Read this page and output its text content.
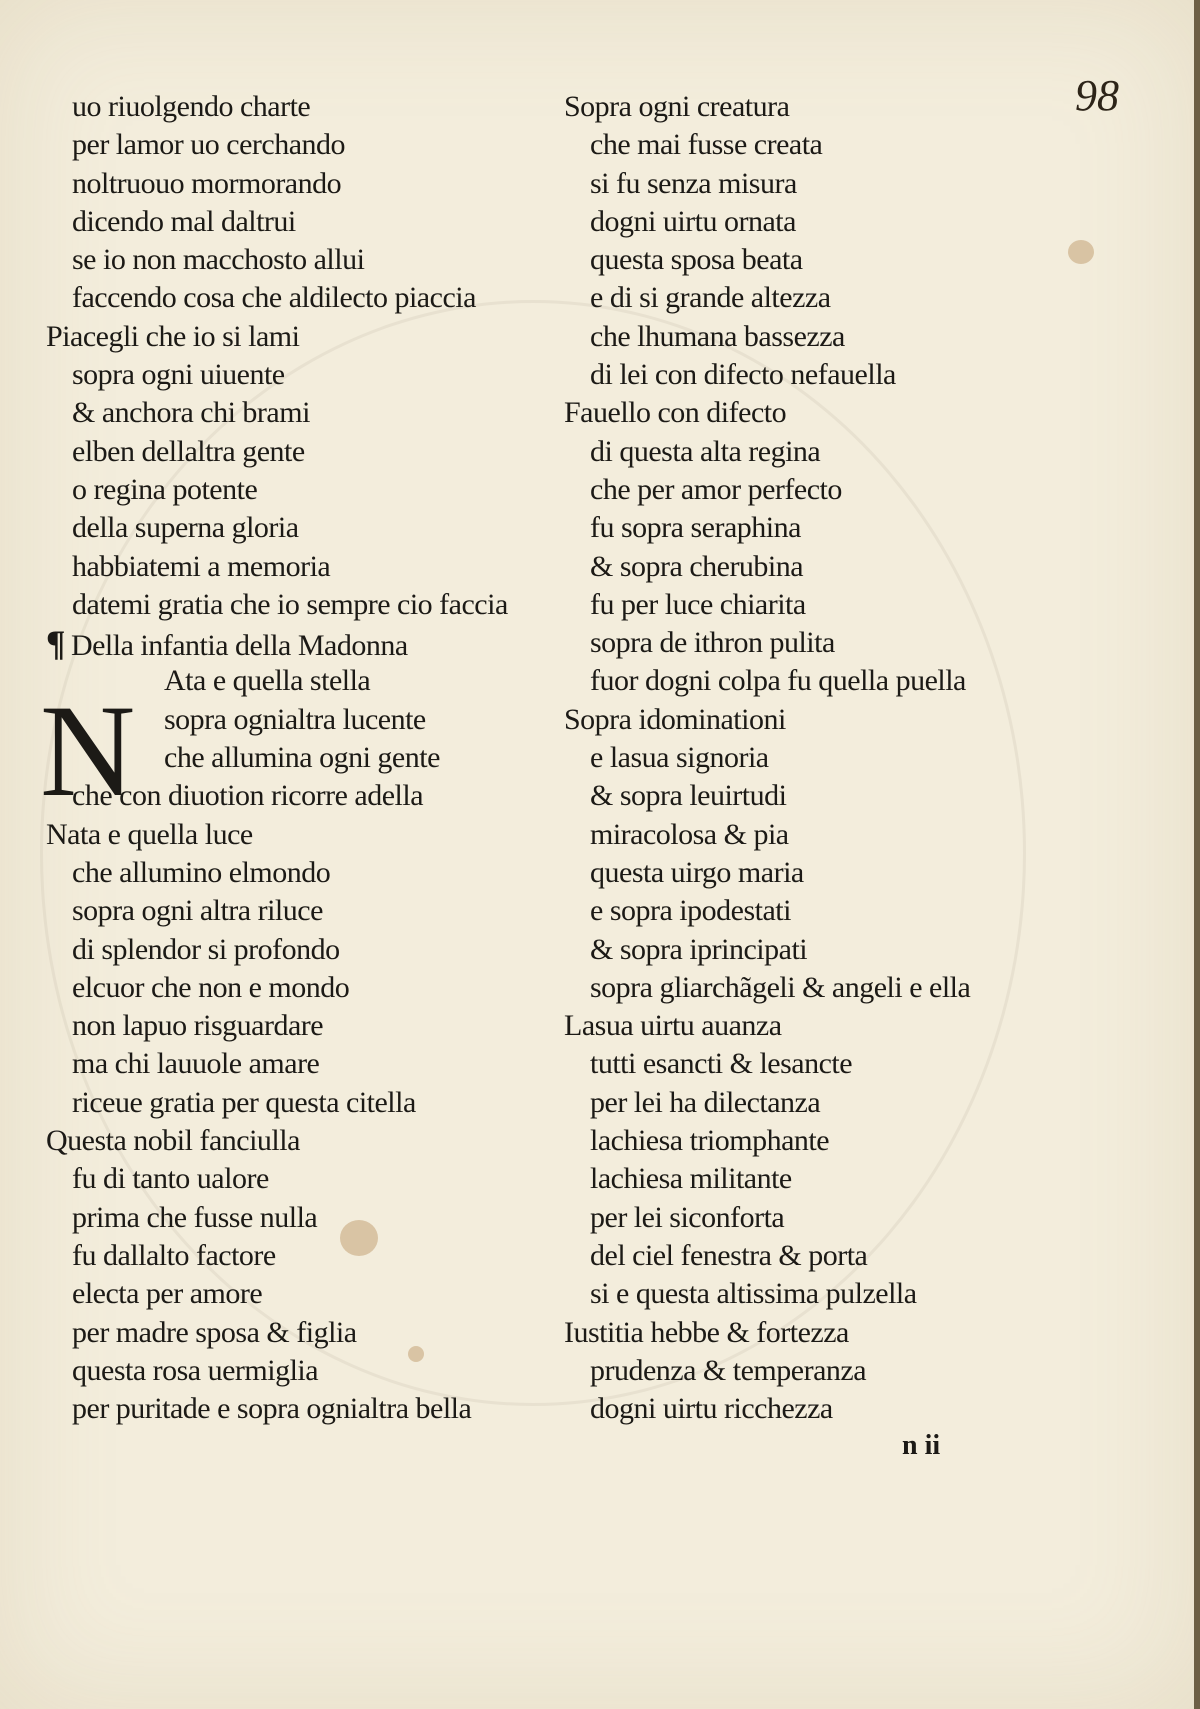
98
N
uo riuolgendo charte
per lamor uo cerchando
noltruouo mormorando
dicendo mal daltrui
se io non macchosto allui
faccendo cosa che aldilecto piaccia
Piacegli che io si lami
sopra ogni uiuente
& anchora chi brami
elben dellaltra gente
o regina potente
della superna gloria
habbiatemi a memoria
datemi gratia che io sempre cio faccia
¶ Della infantia della Madonna
Ata e quella stella
sopra ognialtra lucente
che allumina ogni gente
che con diuotion ricorre adella
Nata e quella luce
che allumino elmondo
sopra ogni altra riluce
di splendor si profondo
elcuor che non e mondo
non lapuo risguardare
ma chi lauuole amare
riceue gratia per questa citella
Questa nobil fanciulla
fu di tanto ualore
prima che fusse nulla
fu dallalto factore
electa per amore
per madre sposa & figlia
questa rosa uermiglia
per puritade e sopra ognialtra bella
Sopra ogni creatura
che mai fusse creata
si fu senza misura
dogni uirtu ornata
questa sposa beata
e di si grande altezza
che lhumana bassezza
di lei con difecto nefauella
Fauello con difecto
di questa alta regina
che per amor perfecto
fu sopra seraphina
& sopra cherubina
fu per luce chiarita
sopra de ithron pulita
fuor dogni colpa fu quella puella
Sopra idominationi
e lasua signoria
& sopra leuirtudi
miracolosa & pia
questa uirgo maria
e sopra ipodestati
& sopra iprincipati
sopra gliarchãgeli & angeli e ella
Lasua uirtu auanza
tutti esancti & lesancte
per lei ha dilectanza
lachiesa triomphante
lachiesa militante
per lei siconforta
del ciel fenestra & porta
si e questa altissima pulzella
Iustitia hebbe & fortezza
prudenza & temperanza
dogni uirtu ricchezza
n ii
